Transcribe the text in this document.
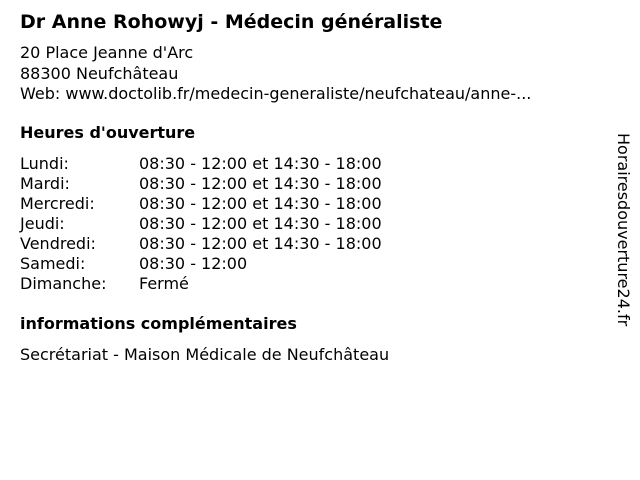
Dr Anne Rohowyj - Médecin généraliste
20 Place Jeanne d'Arc
88300 Neufchâteau
Web: www.doctolib.fr/medecin-generaliste/neufchateau/anne-...
Heures d'ouverture
Lundi:	08:30 - 12:00 et 14:30 - 18:00
Mardi:	08:30 - 12:00 et 14:30 - 18:00
Mercredi:	08:30 - 12:00 et 14:30 - 18:00
Jeudi:	08:30 - 12:00 et 14:30 - 18:00
Vendredi:	08:30 - 12:00 et 14:30 - 18:00
Samedi:	08:30 - 12:00
Dimanche: Fermé
informations complémentaires
Secrétariat - Maison Médicale de Neufchâteau
Horairesdouverture24.fr
